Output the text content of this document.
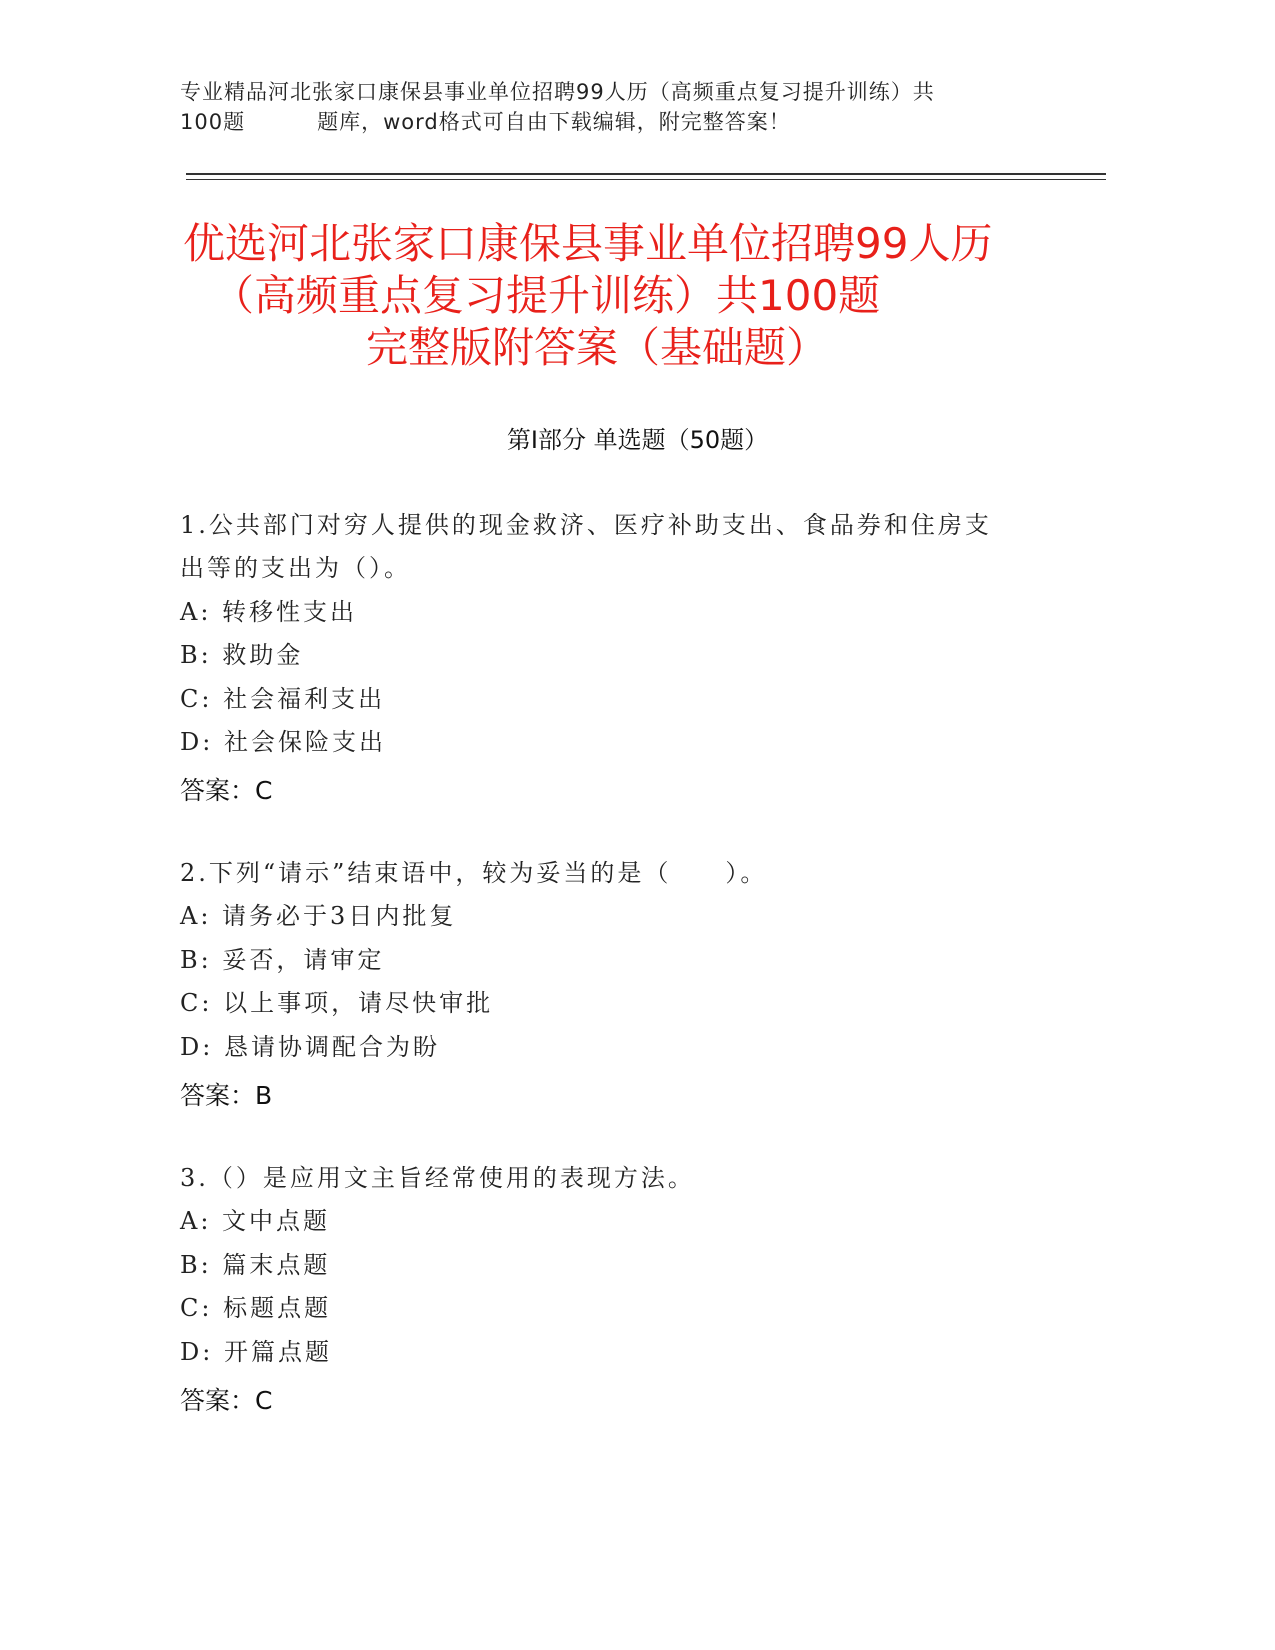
专业精品河北张家口康保县事业单位招聘99人历（高频重点复习提升训练）共
100题	题库，word格式可自由下载编辑，附完整答案！
优选河北张家口康保县事业单位招聘99人历
（高频重点复习提升训练）共100题
完整版附答案（基础题）
第I部分 单选题（50题）
1.公共部门对穷人提供的现金救济、医疗补助支出、食品券和住房支
出等的支出为（）。
A: 转移性支出
B: 救助金
C: 社会福利支出
D: 社会保险支出
答案：C
2.下列“请示”结束语中，较为妥当的是（　　）。
A: 请务必于3日内批复
B: 妥否，请审定
C: 以上事项，请尽快审批
D: 恳请协调配合为盼
答案：B
3.（）是应用文主旨经常使用的表现方法。
A: 文中点题
B: 篇末点题
C: 标题点题
D: 开篇点题
答案：C
